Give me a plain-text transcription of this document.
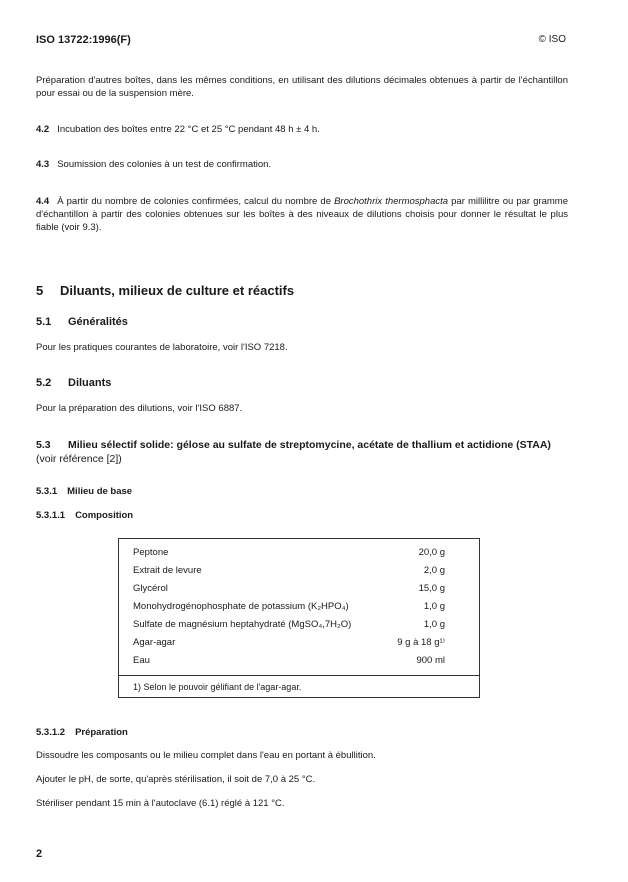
ISO 13722:1996(F)	© ISO
Préparation d'autres boîtes, dans les mêmes conditions, en utilisant des dilutions décimales obtenues à partir de l'échantillon pour essai ou de la suspension mère.
4.2 Incubation des boîtes entre 22 °C et 25 °C pendant 48 h ± 4 h.
4.3 Soumission des colonies à un test de confirmation.
4.4 À partir du nombre de colonies confirmées, calcul du nombre de Brochothrix thermosphacta par millilitre ou par gramme d'échantillon à partir des colonies obtenues sur les boîtes à des niveaux de dilutions choisis pour donner le résultat le plus fiable (voir 9.3).
5 Diluants, milieux de culture et réactifs
5.1 Généralités
Pour les pratiques courantes de laboratoire, voir l'ISO 7218.
5.2 Diluants
Pour la préparation des dilutions, voir l'ISO 6887.
5.3 Milieu sélectif solide: gélose au sulfate de streptomycine, acétate de thallium et actidione (STAA) (voir référence [2])
5.3.1 Milieu de base
5.3.1.1 Composition
Peptone	20,0 g
Extrait de levure	2,0 g
Glycérol	15,0 g
Monohydrogénophosphate de potassium (K₂HPO₄)	1,0 g
Sulfate de magnésium heptahydraté (MgSO₄,7H₂O)	1,0 g
Agar-agar	9 g à 18 g¹⁾
Eau	900 ml
1) Selon le pouvoir gélifiant de l'agar-agar.
5.3.1.2 Préparation
Dissoudre les composants ou le milieu complet dans l'eau en portant à ébullition.
Ajouter le pH, de sorte, qu'après stérilisation, il soit de 7,0 à 25 °C.
Stériliser pendant 15 min à l'autoclave (6.1) réglé à 121 °C.
2
